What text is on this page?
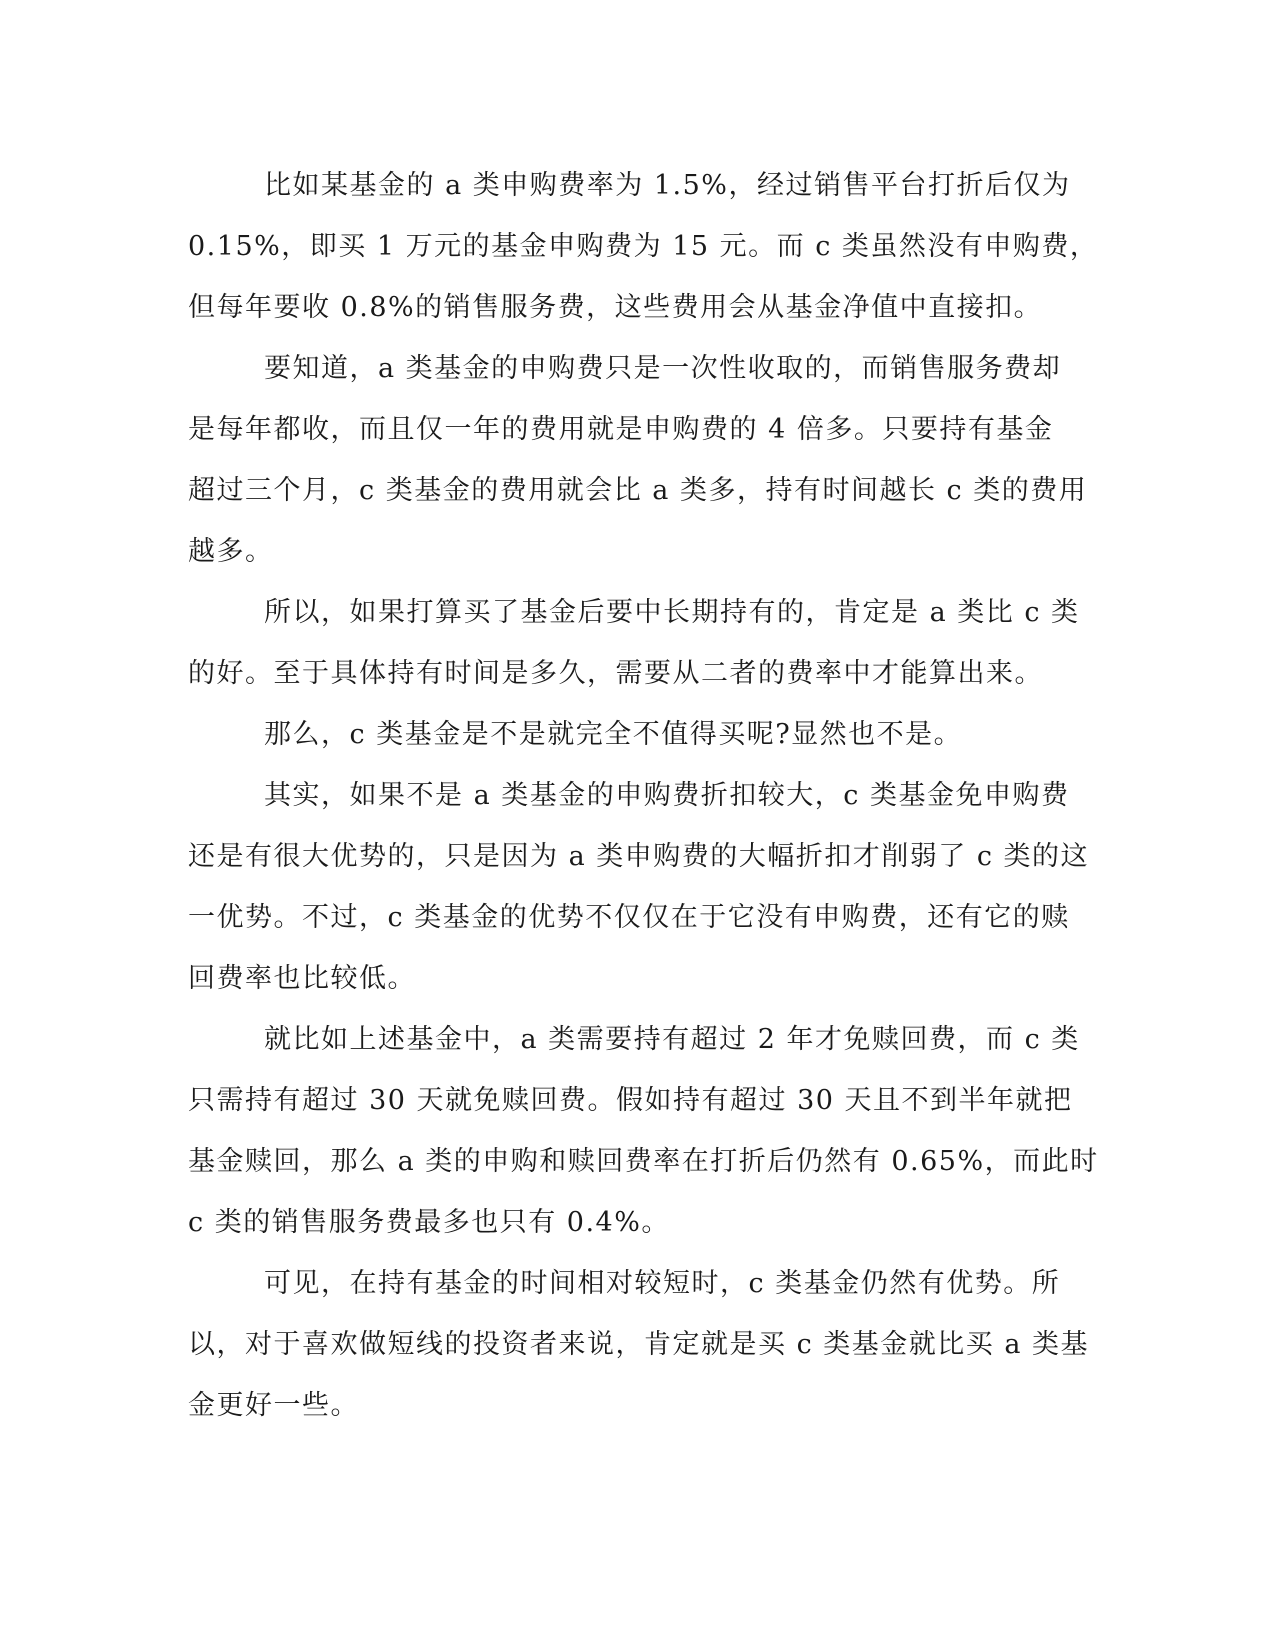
比如某基金的 a 类申购费率为 1.5%，经过销售平台打折后仅为
0.15%，即买 1 万元的基金申购费为 15 元。而 c 类虽然没有申购费，
但每年要收 0.8%的销售服务费，这些费用会从基金净值中直接扣。
要知道，a 类基金的申购费只是一次性收取的，而销售服务费却
是每年都收，而且仅一年的费用就是申购费的 4 倍多。只要持有基金
超过三个月，c 类基金的费用就会比 a 类多，持有时间越长 c 类的费用
越多。
所以，如果打算买了基金后要中长期持有的，肯定是 a 类比 c 类
的好。至于具体持有时间是多久，需要从二者的费率中才能算出来。
那么，c 类基金是不是就完全不值得买呢?显然也不是。
其实，如果不是 a 类基金的申购费折扣较大，c 类基金免申购费
还是有很大优势的，只是因为 a 类申购费的大幅折扣才削弱了 c 类的这
一优势。不过，c 类基金的优势不仅仅在于它没有申购费，还有它的赎
回费率也比较低。
就比如上述基金中，a 类需要持有超过 2 年才免赎回费，而 c 类
只需持有超过 30 天就免赎回费。假如持有超过 30 天且不到半年就把
基金赎回，那么 a 类的申购和赎回费率在打折后仍然有 0.65%，而此时
c 类的销售服务费最多也只有 0.4%。
可见，在持有基金的时间相对较短时，c 类基金仍然有优势。所
以，对于喜欢做短线的投资者来说，肯定就是买 c 类基金就比买 a 类基
金更好一些。
